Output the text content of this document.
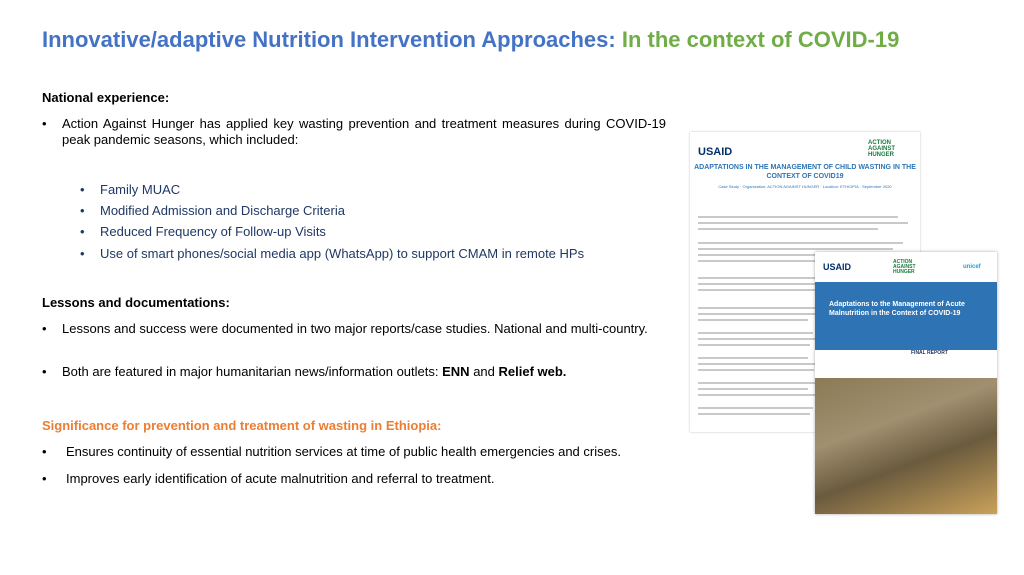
Innovative/adaptive Nutrition Intervention Approaches: In the context of COVID-19
National experience:
• Action Against Hunger has applied key wasting prevention and treatment measures during COVID-19 peak pandemic seasons, which included:
• Family MUAC
• Modified Admission and Discharge Criteria
• Reduced Frequency of Follow-up Visits
• Use of smart phones/social media app (WhatsApp) to support CMAM in remote HPs
Lessons and documentations:
• Lessons and success were documented in two major reports/case studies. National and multi-country.
• Both are featured in major humanitarian news/information outlets: ENN and Relief web.
Significance for prevention and treatment of wasting in Ethiopia:
• Ensures continuity of essential nutrition services at time of public health emergencies and crises.
• Improves early identification of acute malnutrition and referral to treatment.
USAID
ACTION AGAINST HUNGER
ADAPTATIONS IN THE MANAGEMENT OF CHILD WASTING IN THE CONTEXT OF COVID19
Case Study · Organization: ACTION AGAINST HUNGER · Location: ETHIOPIA · September 2020
USAID	ACTION AGAINST HUNGER
unicef
Adaptations to the Management of Acute Malnutrition in the Context of COVID-19
FINAL REPORT
